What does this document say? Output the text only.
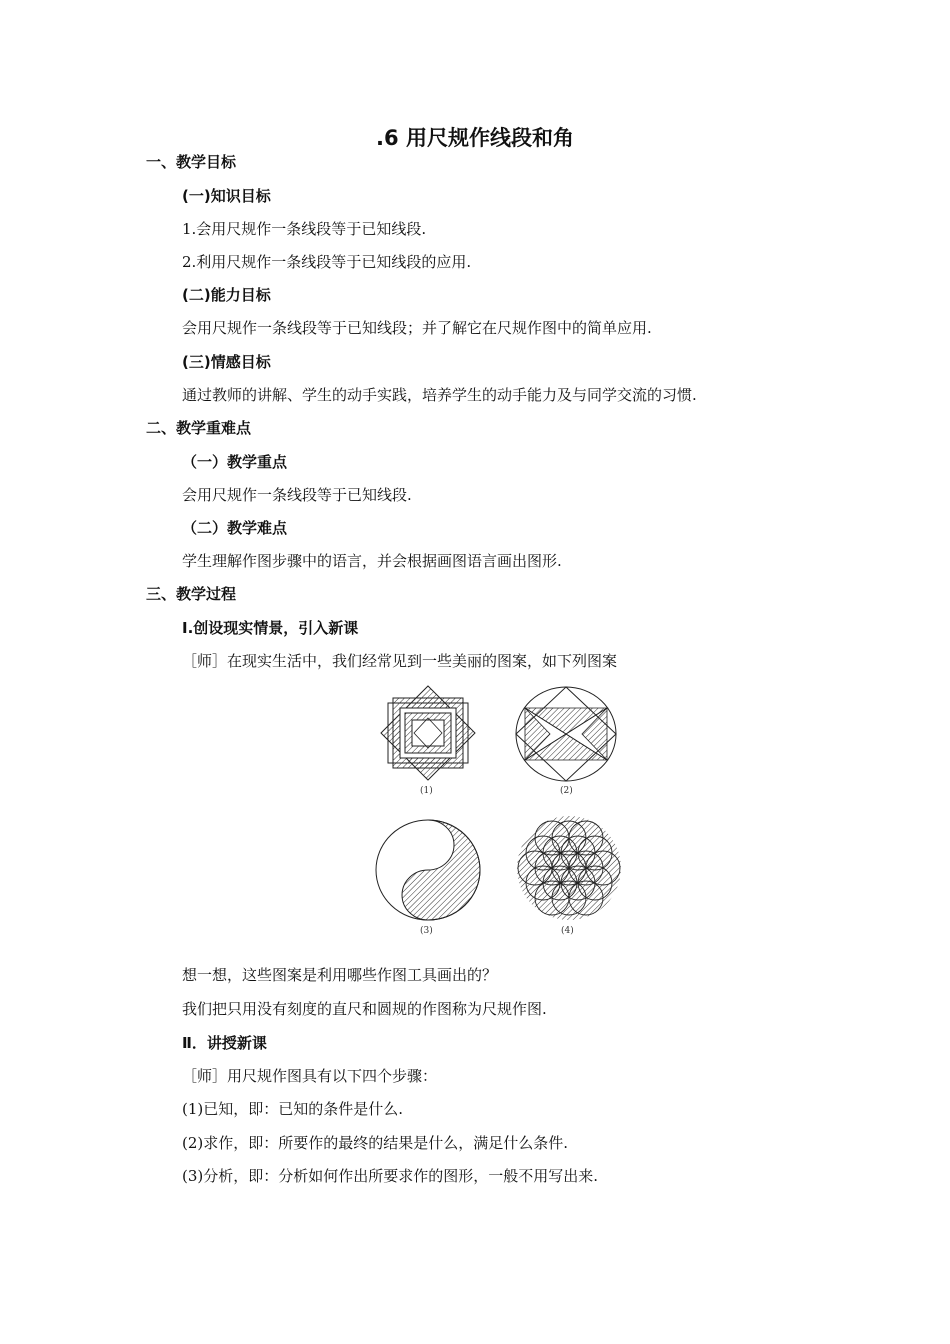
.6 用尺规作线段和角
一、教学目标
(一)知识目标
1.会用尺规作一条线段等于已知线段.
2.利用尺规作一条线段等于已知线段的应用.
(二)能力目标
会用尺规作一条线段等于已知线段；并了解它在尺规作图中的简单应用.
(三)情感目标
通过教师的讲解、学生的动手实践，培养学生的动手能力及与同学交流的习惯.
二、教学重难点
（一）教学重点
会用尺规作一条线段等于已知线段.
（二）教学难点
学生理解作图步骤中的语言，并会根据画图语言画出图形.
三、教学过程
Ⅰ.创设现实情景，引入新课
［师］在现实生活中，我们经常见到一些美丽的图案，如下列图案
(1)	(2)
(3)	(4)
想一想，这些图案是利用哪些作图工具画出的？
我们把只用没有刻度的直尺和圆规的作图称为尺规作图.
Ⅱ．讲授新课
［师］用尺规作图具有以下四个步骤：
(1)已知，即：已知的条件是什么.
(2)求作，即：所要作的最终的结果是什么，满足什么条件.
(3)分析，即：分析如何作出所要求作的图形，一般不用写出来.
